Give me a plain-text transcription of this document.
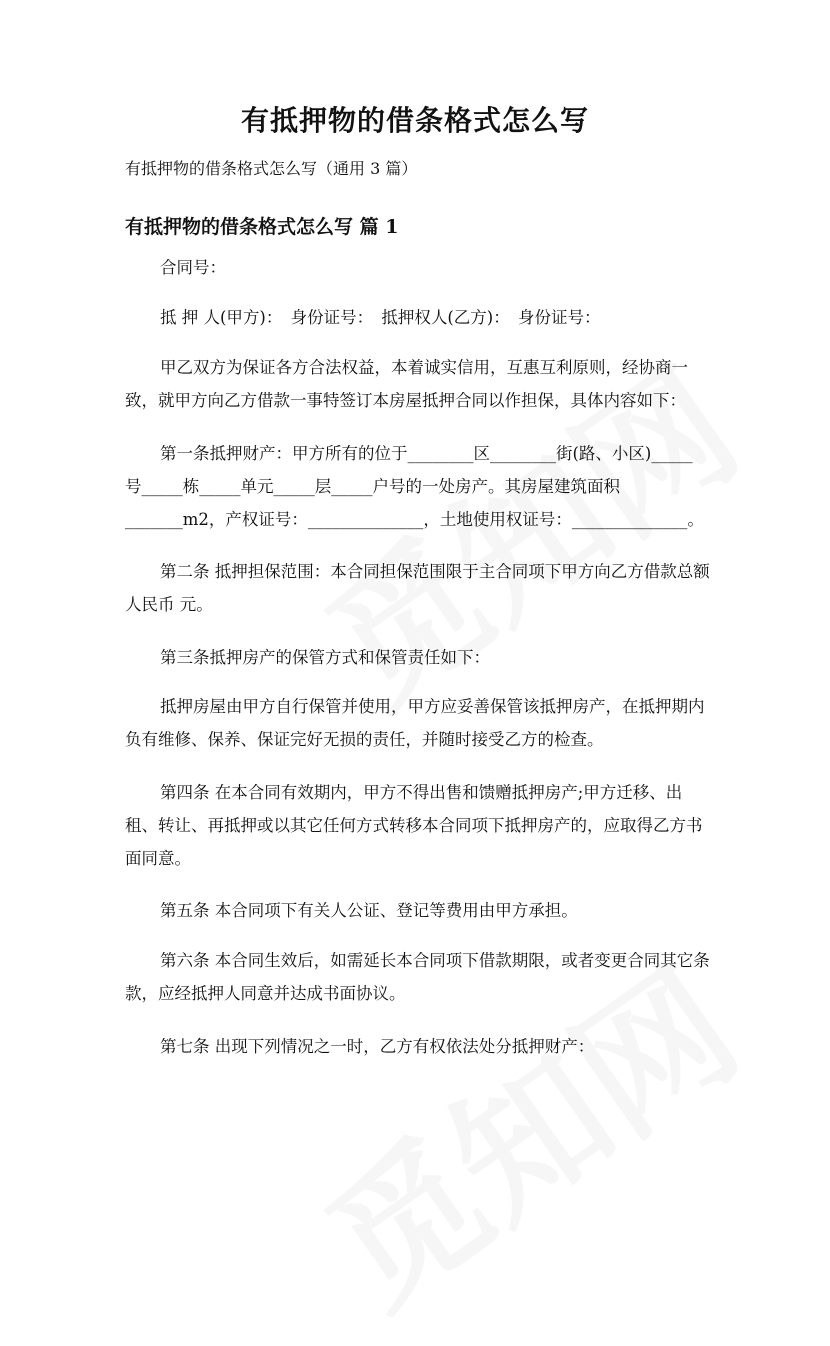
有抵押物的借条格式怎么写

有抵押物的借条格式怎么写（通用 3 篇）

有抵押物的借条格式怎么写 篇 1

合同号：

抵 押 人(甲方)：　身份证号：　抵押权人(乙方)：　身份证号：

甲乙双方为保证各方合法权益，本着诚实信用，互惠互利原则，经协商一致，就甲方向乙方借款一事特签订本房屋抵押合同以作担保，具体内容如下：

第一条抵押财产：甲方所有的位于________区________街(路、小区)_____
号_____栋_____单元_____层_____户号的一处房产。其房屋建筑面积
_______m2，产权证号：______________，土地使用权证号：______________。

第二条 抵押担保范围：本合同担保范围限于主合同项下甲方向乙方借款总额人民币 元。

第三条抵押房产的保管方式和保管责任如下：

抵押房屋由甲方自行保管并使用，甲方应妥善保管该抵押房产，在抵押期内负有维修、保养、保证完好无损的责任，并随时接受乙方的检查。

第四条 在本合同有效期内，甲方不得出售和馈赠抵押房产;甲方迁移、出租、转让、再抵押或以其它任何方式转移本合同项下抵押房产的，应取得乙方书面同意。

第五条 本合同项下有关人公证、登记等费用由甲方承担。

第六条 本合同生效后，如需延长本合同项下借款期限，或者变更合同其它条款，应经抵押人同意并达成书面协议。

第七条 出现下列情况之一时，乙方有权依法处分抵押财产：
